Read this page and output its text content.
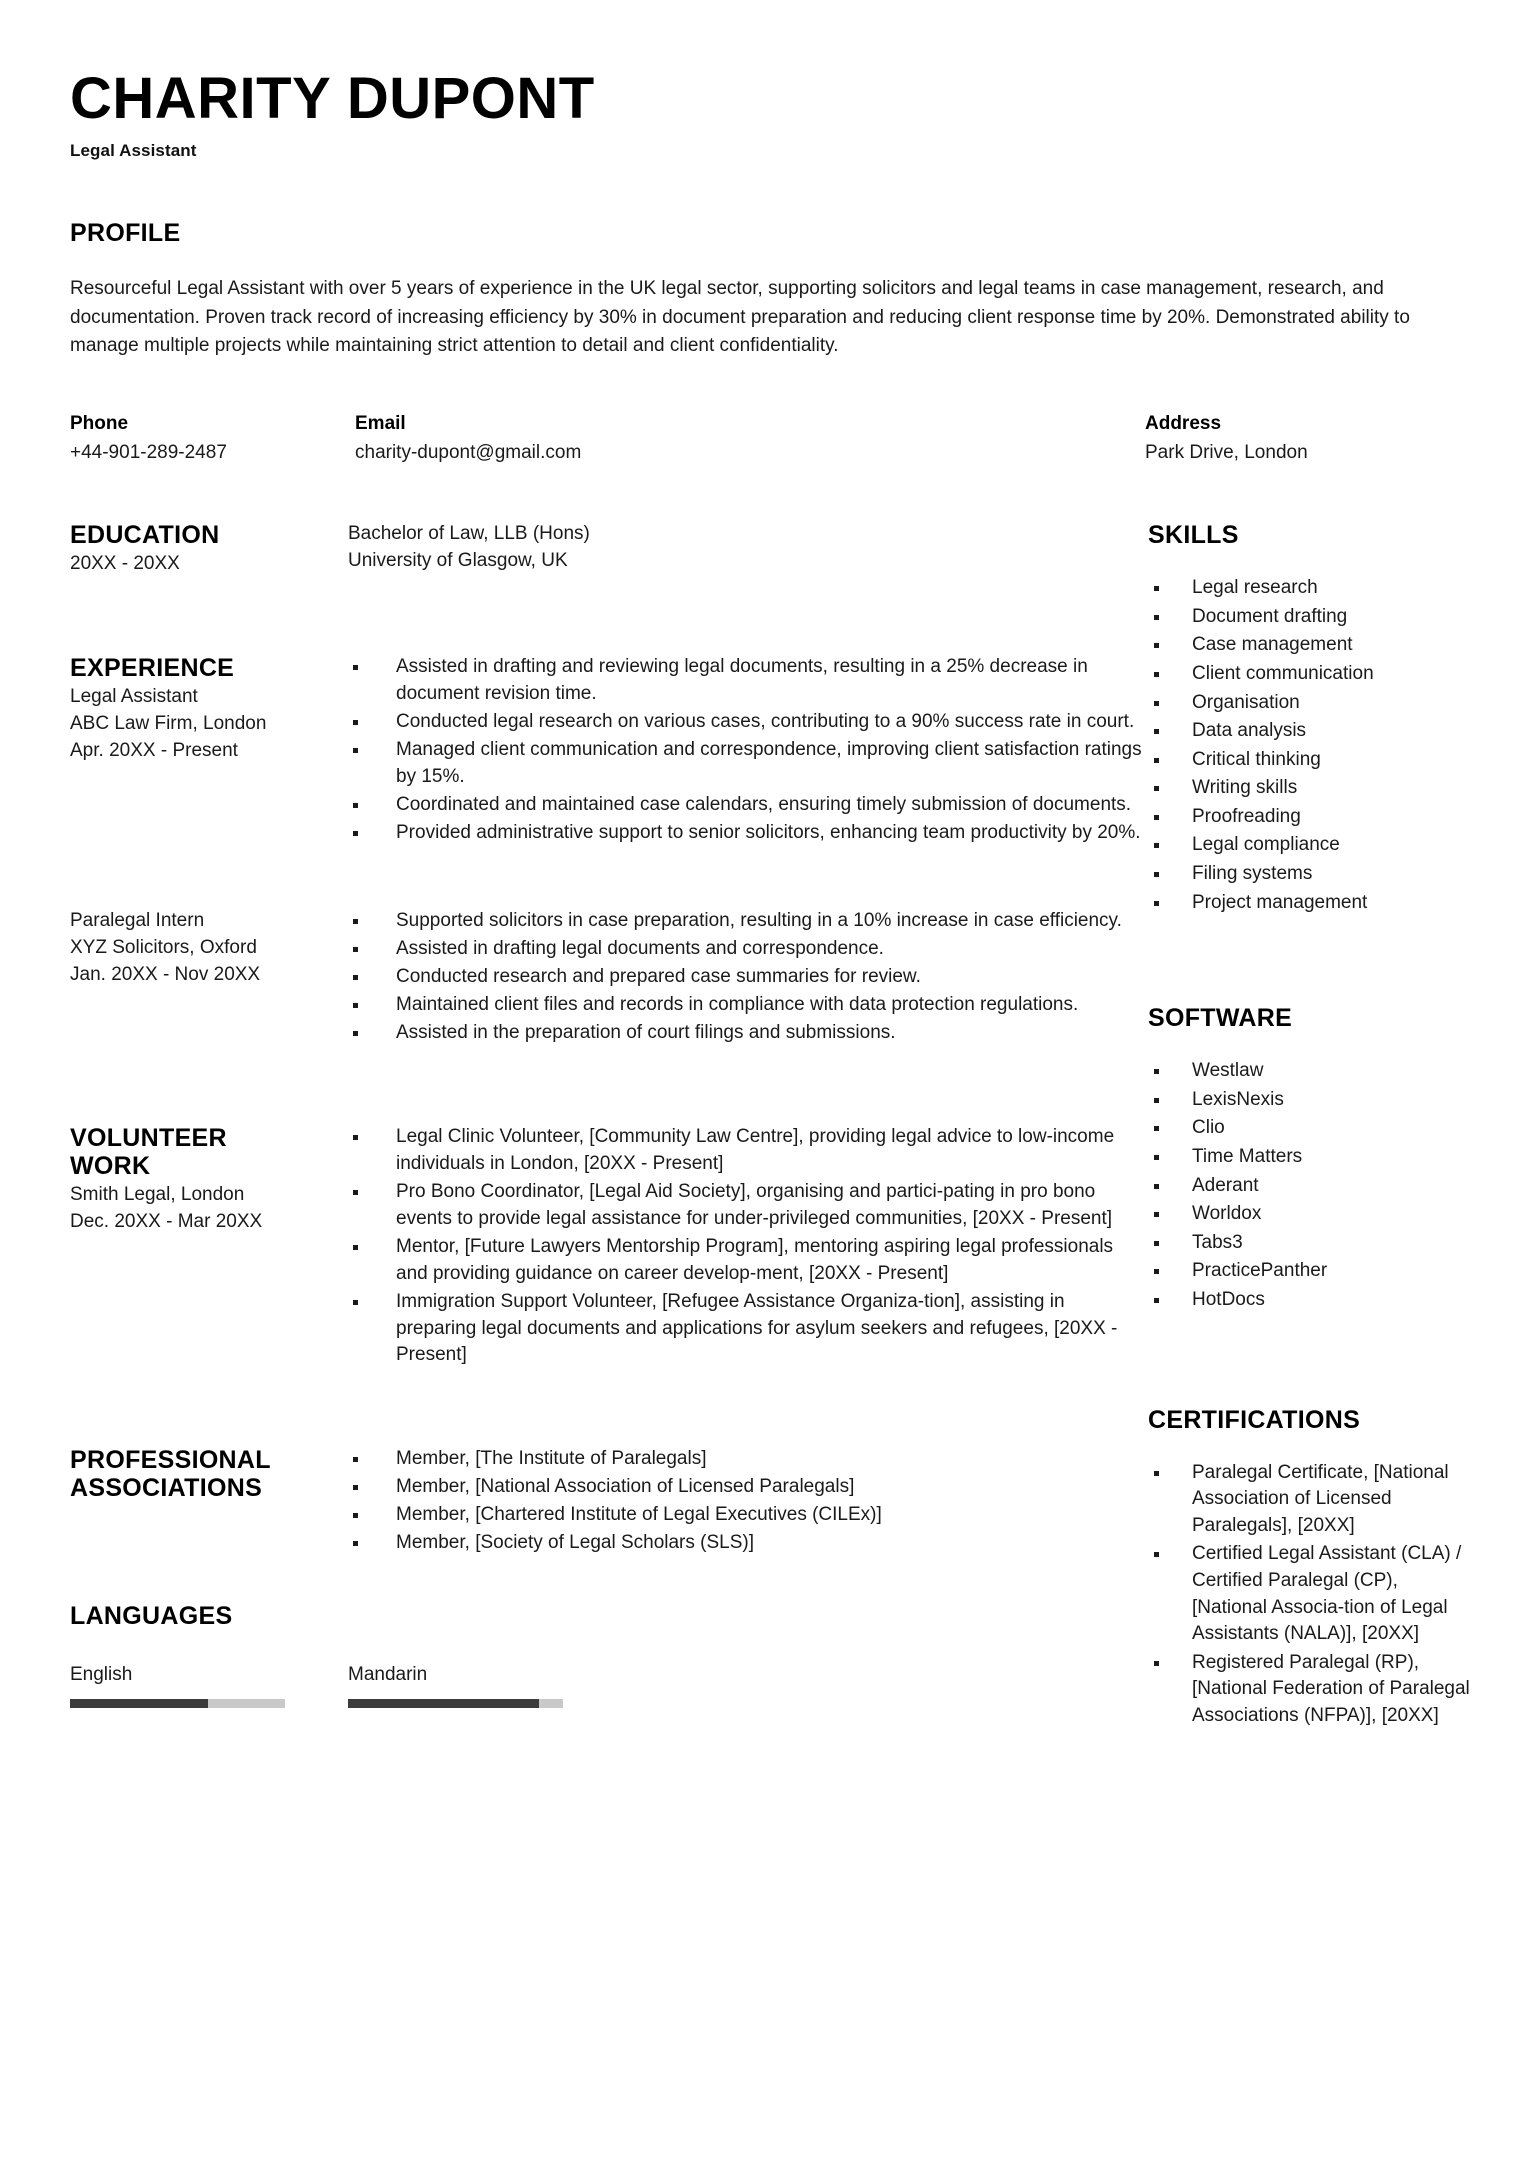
CHARITY DUPONT
Legal Assistant
PROFILE
Resourceful Legal Assistant with over 5 years of experience in the UK legal sector, supporting solicitors and legal teams in case management, research, and documentation. Proven track record of increasing efficiency by 30% in document preparation and reducing client response time by 20%. Demonstrated ability to manage multiple projects while maintaining strict attention to detail and client confidentiality.
Phone
+44-901-289-2487
Email
charity-dupont@gmail.com
Address
Park Drive, London
EDUCATION
20XX - 20XX
Bachelor of Law, LLB (Hons)
University of Glasgow, UK
EXPERIENCE
Legal Assistant
ABC Law Firm, London
Apr. 20XX - Present
Assisted in drafting and reviewing legal documents, resulting in a 25% decrease in document revision time.
Conducted legal research on various cases, contributing to a 90% success rate in court.
Managed client communication and correspondence, improving client satisfaction ratings by 15%.
Coordinated and maintained case calendars, ensuring timely submission of documents.
Provided administrative support to senior solicitors, enhancing team productivity by 20%.
Paralegal Intern
XYZ Solicitors, Oxford
Jan. 20XX - Nov 20XX
Supported solicitors in case preparation, resulting in a 10% increase in case efficiency.
Assisted in drafting legal documents and correspondence.
Conducted research and prepared case summaries for review.
Maintained client files and records in compliance with data protection regulations.
Assisted in the preparation of court filings and submissions.
VOLUNTEER WORK
Smith Legal, London
Dec. 20XX - Mar 20XX
Legal Clinic Volunteer, [Community Law Centre], providing legal advice to low-income individuals in London, [20XX - Present]
Pro Bono Coordinator, [Legal Aid Society], organising and partici-pating in pro bono events to provide legal assistance for under-privileged communities, [20XX - Present]
Mentor, [Future Lawyers Mentorship Program], mentoring aspiring legal professionals and providing guidance on career develop-ment, [20XX - Present]
Immigration Support Volunteer, [Refugee Assistance Organiza-tion], assisting in preparing legal documents and applications for asylum seekers and refugees, [20XX - Present]
PROFESSIONAL ASSOCIATIONS
Member, [The Institute of Paralegals]
Member, [National Association of Licensed Paralegals]
Member, [Chartered Institute of Legal Executives (CILEx)]
Member, [Society of Legal Scholars (SLS)]
LANGUAGES
English	Mandarin
SKILLS
Legal research
Document drafting
Case management
Client communication
Organisation
Data analysis
Critical thinking
Writing skills
Proofreading
Legal compliance
Filing systems
Project management
SOFTWARE
Westlaw
LexisNexis
Clio
Time Matters
Aderant
Worldox
Tabs3
PracticePanther
HotDocs
CERTIFICATIONS
Paralegal Certificate, [National Association of Licensed Paralegals], [20XX]
Certified Legal Assistant (CLA) / Certified Paralegal (CP), [National Associa-tion of Legal Assistants (NALA)], [20XX]
Registered Paralegal (RP), [National Federation of Paralegal Associations (NFPA)], [20XX]
